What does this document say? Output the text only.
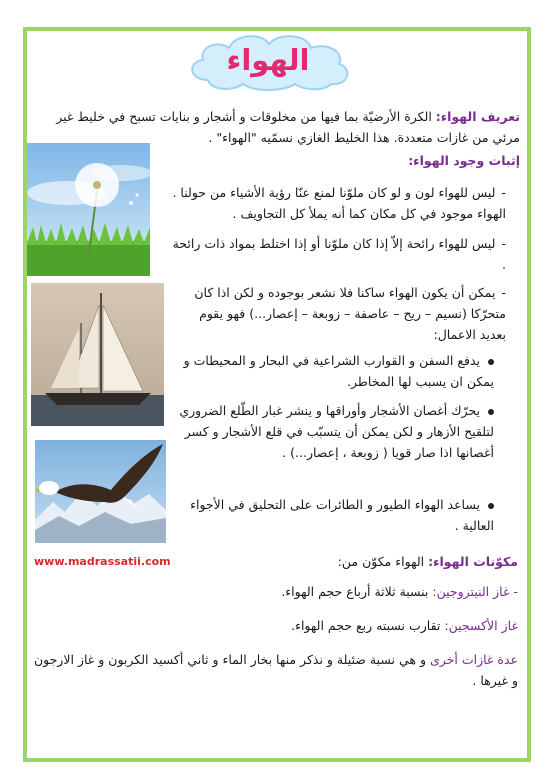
الهواء

تعريف الهواء: الكرة الأرضيّة بما فيها من مخلوقات و أشجار و بنايات تسبح في خليط غير مرئي من غازات متعددة. هذا الخليط الغازي نسمّيه "الهواء" .

إثبات وجود الهواء:

-ليس للهواء لون و لو كان ملوّنا لمنع عنّا رؤية الأشياء من حولنا . الهواء موجود في كل مكان كما أنه يملأ كل التجاويف .

-ليس للهواء رائحة إلاّ إذا كان ملوّنا أو إذا اختلط بمواد ذات رائحة .

-يمكن أن يكون الهواء ساكنا فلا نشعر بوجوده و لكن اذا كان متحرّكا (نسيم – ريح – عاصفة – زوبعة – إعصار...) فهو يقوم بعديد الاعمال:

يدفع السفن و القوارب الشراعية في البحار و المحيطات و يمكن ان يسبب لها المخاطر.

يحرّك أغصان الأشجار وأوراقها و ينشر غبار الطّلع الضروري لتلقيح الأزهار و لكن يمكن أن يتسبّب في قلع الأشجار و كسر أغصانها اذا صار قويا ( زوبعة ، إعصار...) .

يساعد الهواء الطيور و الطائرات على التحليق في الأجواء العالية .

www.madrassatii.com	مكوّنات الهواء: الهواء مكوّن من:

- غاز النيتروجين: بنسبة ثلاثة أرباع حجم الهواء.

غاز الأكسجين: تقارب نسبته ربع حجم الهواء.

عدة غازات أخرى و هي نسبة ضئيلة و نذكر منها بخار الماء و ثاني أكسيد الكربون و غاز الارجون و غيرها .
